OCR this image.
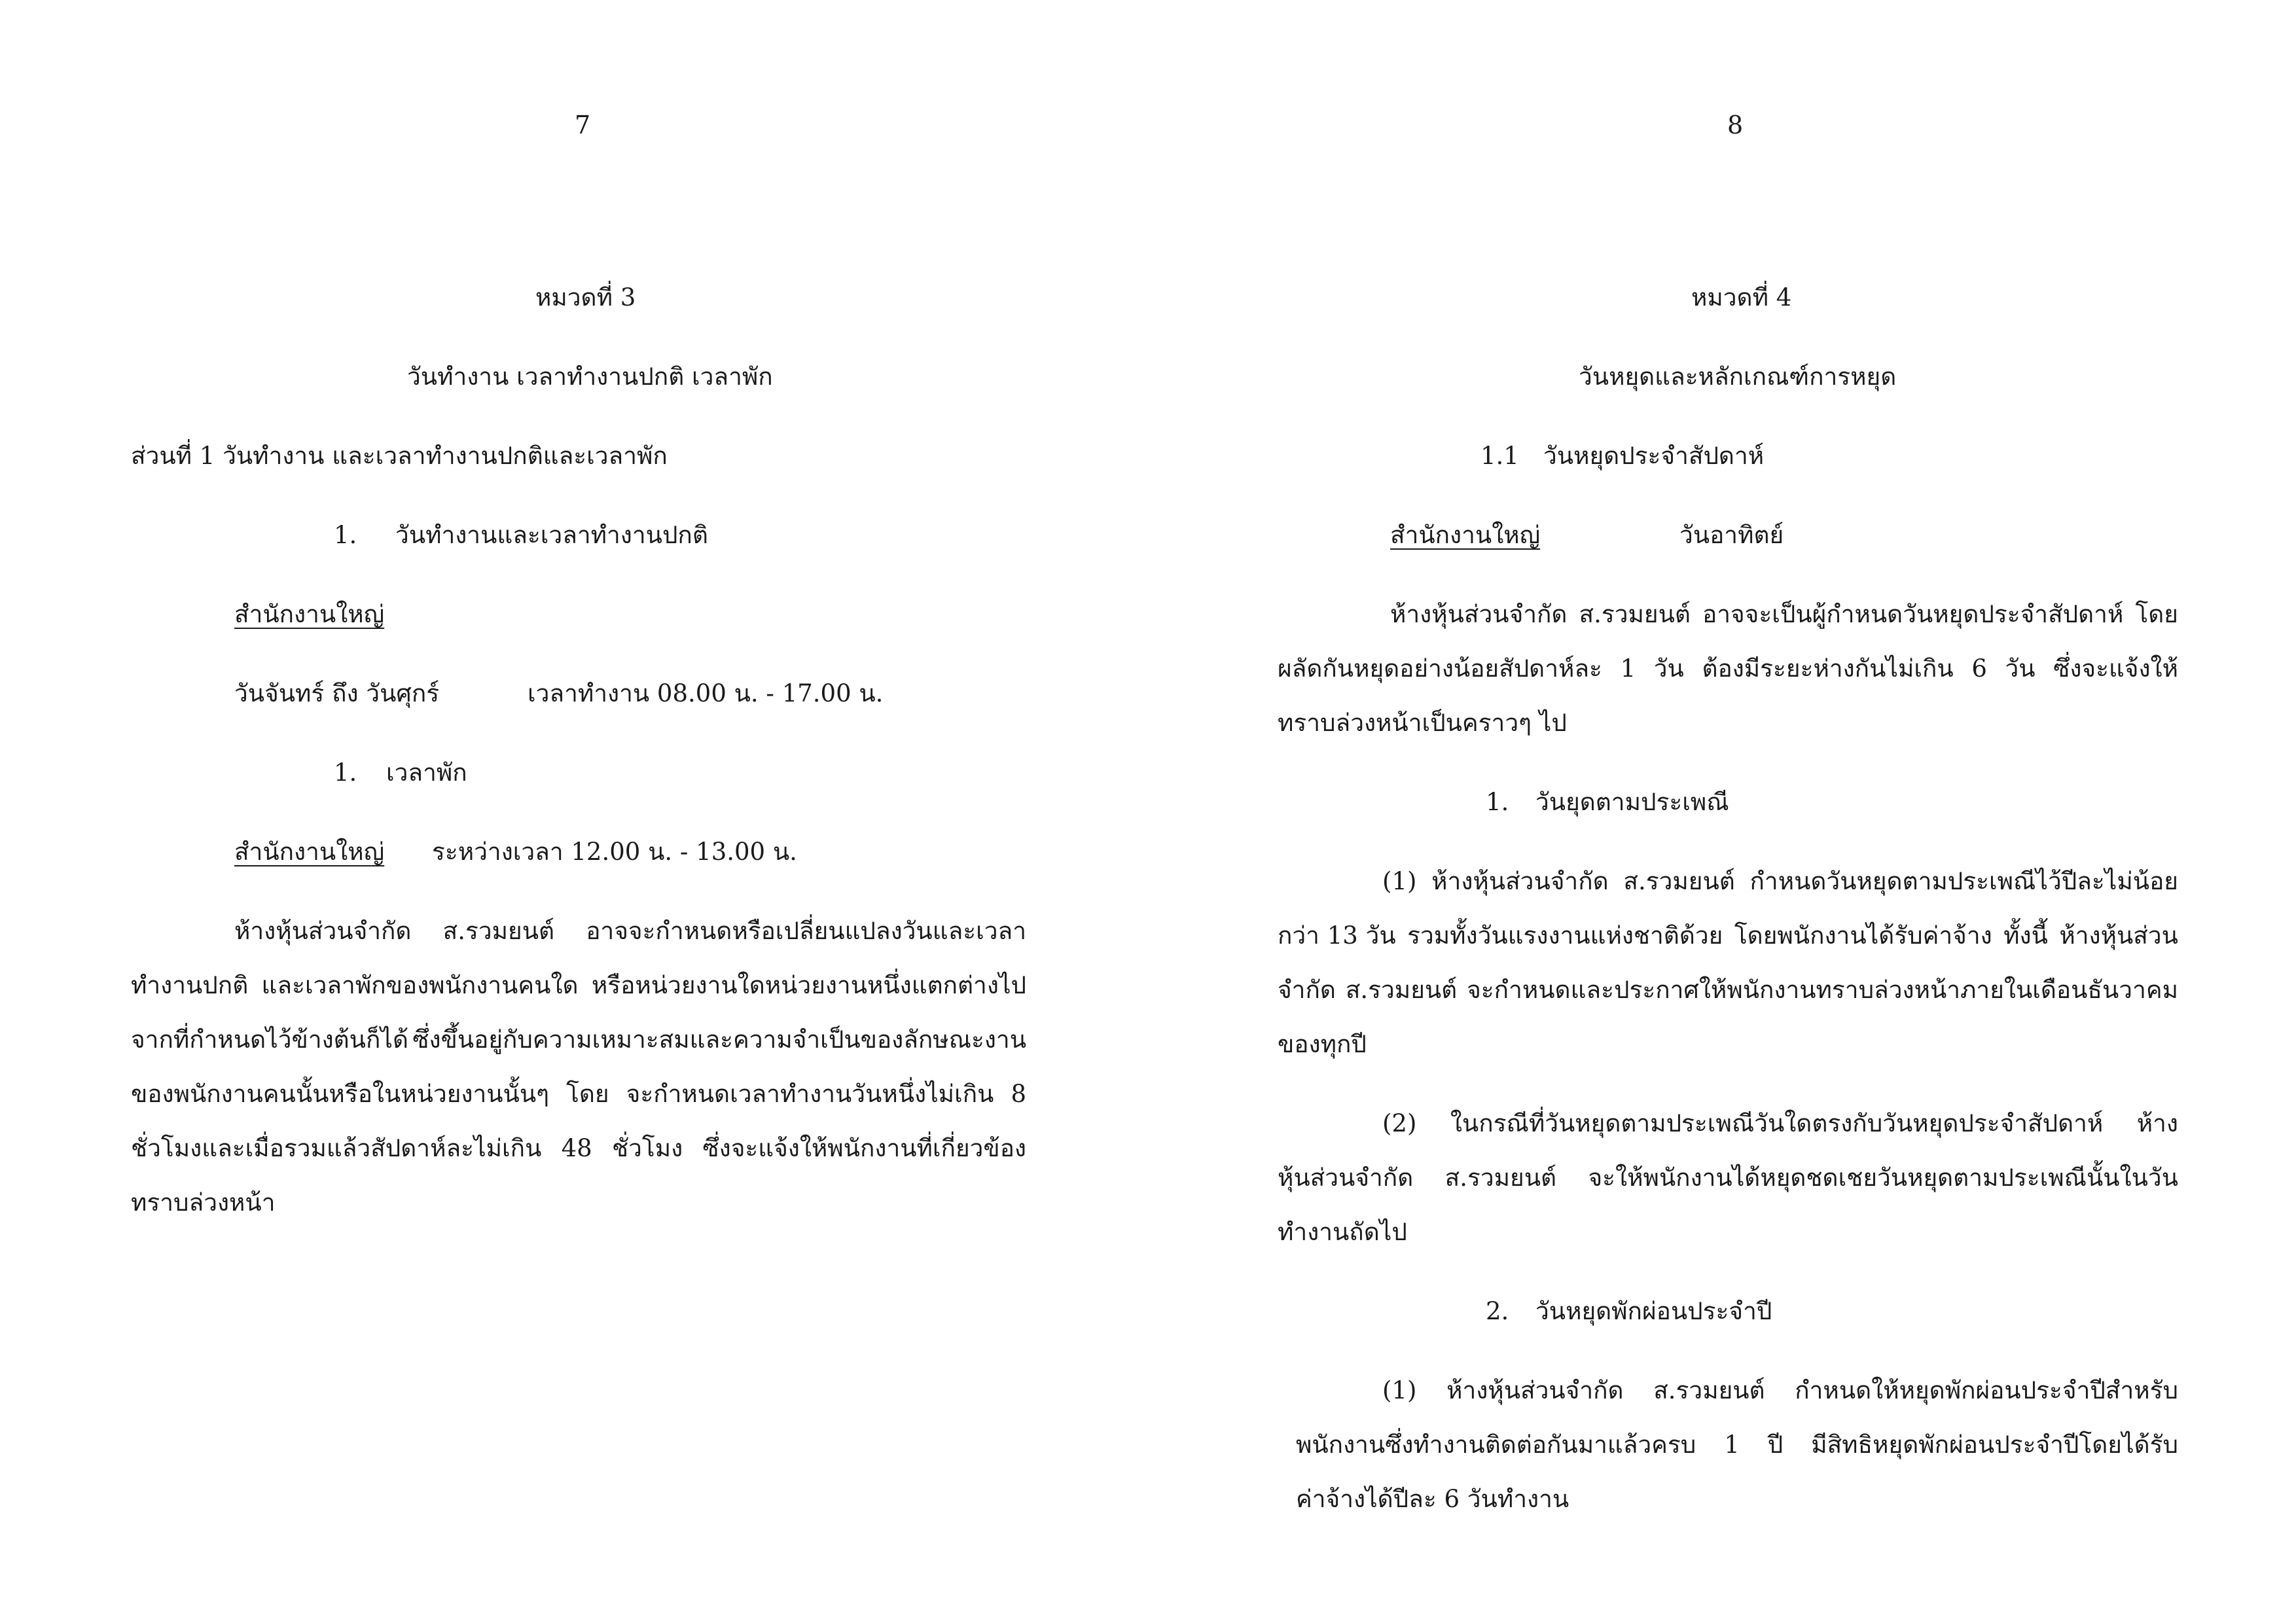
7
หมวดที่ 3
วันทำงาน เวลาทำงานปกติ เวลาพัก
ส่วนที่ 1 วันทำงาน และเวลาทำงานปกติและเวลาพัก
1. วันทำงานและเวลาทำงานปกติ
สำนักงานใหญ่
วันจันทร์ ถึง วันศุกร์	เวลาทำงาน 08.00 น. - 17.00 น.
1. เวลาพัก
สำนักงานใหญ่ ระหว่างเวลา 12.00 น. - 13.00 น.
ห้างหุ้นส่วนจำกัด ส.รวมยนต์ อาจจะกำหนดหรือเปลี่ยนแปลงวันและเวลา
ทำงานปกติ และเวลาพักของพนักงานคนใด หรือหน่วยงานใดหน่วยงานหนึ่งแตกต่างไป
จากที่กำหนดไว้ข้างต้นก็ได้ ซึ่งขึ้นอยู่กับความเหมาะสมและความจำเป็นของลักษณะงาน
ของพนักงานคนนั้นหรือในหน่วยงานนั้นๆ โดย จะกำหนดเวลาทำงานวันหนึ่งไม่เกิน 8
ชั่วโมงและเมื่อรวมแล้วสัปดาห์ละไม่เกิน 48 ชั่วโมง ซึ่งจะแจ้งให้พนักงานที่เกี่ยวข้อง
ทราบล่วงหน้า
8
หมวดที่ 4
วันหยุดและหลักเกณฑ์การหยุด
1.1 วันหยุดประจำสัปดาห์
สำนักงานใหญ่	วันอาทิตย์
ห้างหุ้นส่วนจำกัด ส.รวมยนต์ อาจจะเป็นผู้กำหนดวันหยุดประจำสัปดาห์ โดย
ผลัดกันหยุดอย่างน้อยสัปดาห์ละ 1 วัน ต้องมีระยะห่างกันไม่เกิน 6 วัน ซึ่งจะแจ้งให้
ทราบล่วงหน้าเป็นคราวๆ ไป
1. วันยุดตามประเพณี
(1) ห้างหุ้นส่วนจำกัด ส.รวมยนต์ กำหนดวันหยุดตามประเพณีไว้ปีละไม่น้อย
กว่า 13 วัน รวมทั้งวันแรงงานแห่งชาติด้วย โดยพนักงานได้รับค่าจ้าง ทั้งนี้ ห้างหุ้นส่วน
จำกัด ส.รวมยนต์ จะกำหนดและประกาศให้พนักงานทราบล่วงหน้าภายในเดือนธันวาคม
ของทุกปี
(2) ในกรณีที่วันหยุดตามประเพณีวันใดตรงกับวันหยุดประจำสัปดาห์ ห้าง
หุ้นส่วนจำกัด ส.รวมยนต์ จะให้พนักงานได้หยุดชดเชยวันหยุดตามประเพณีนั้นในวัน
ทำงานถัดไป
2. วันหยุดพักผ่อนประจำปี
(1) ห้างหุ้นส่วนจำกัด ส.รวมยนต์ กำหนดให้หยุดพักผ่อนประจำปีสำหรับ
พนักงานซึ่งทำงานติดต่อกันมาแล้วครบ 1 ปี มีสิทธิหยุดพักผ่อนประจำปีโดยได้รับ
ค่าจ้างได้ปีละ 6 วันทำงาน
